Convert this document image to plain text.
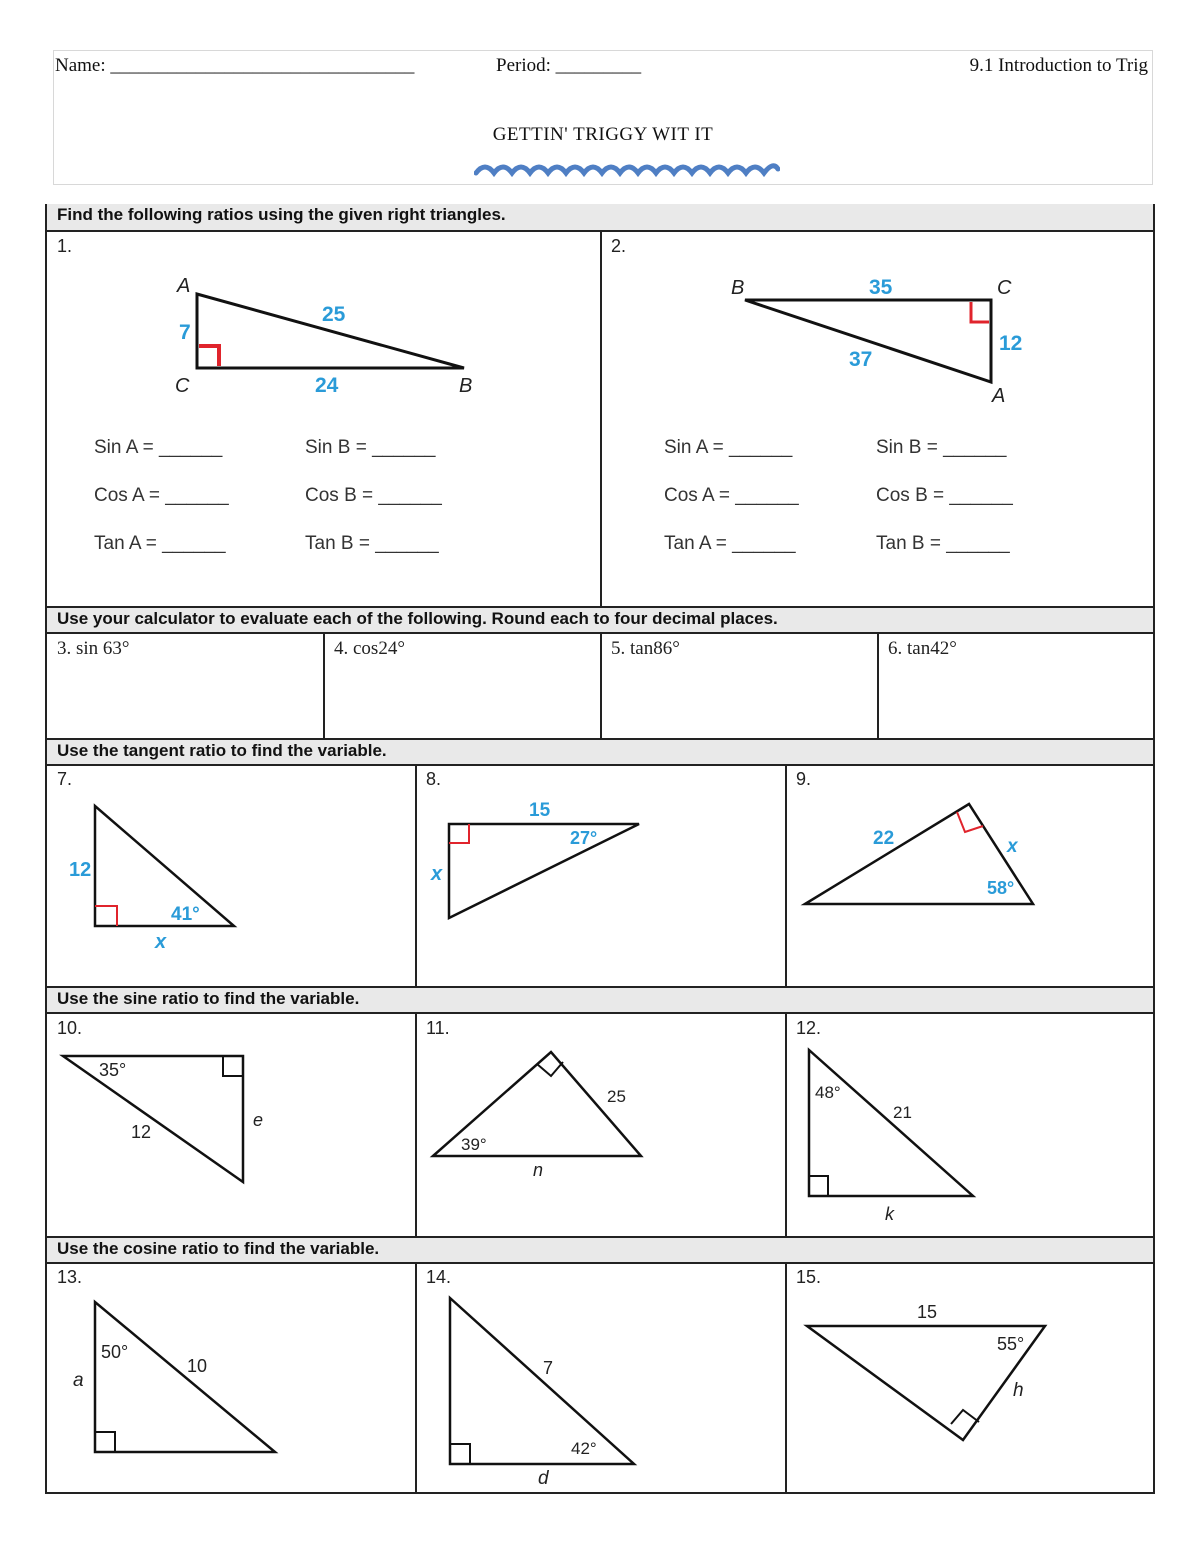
Name: ________________________________	Period: _________	9.1 Introduction to Trig
GETTIN' TRIGGY WIT IT
Find the following ratios using the given right triangles.
1.	2.
A
C	B
7
24
25
B	C
A
35
12
37
Sin A = ______	Sin B = ______
Cos A = ______	Cos B = ______
Tan A = ______	Tan B = ______
Sin A = ______	Sin B = ______
Cos A = ______	Cos B = ______
Tan A = ______	Tan B = ______
Use your calculator to evaluate each of the following. Round each to four decimal places.
3. sin 63°	4. cos24°	5. tan86°	6. tan42°
Use the tangent ratio to find the variable.
7.	8.	9.
12
41°
x
15
27°
x
22	x
58°
Use the sine ratio to find the variable.
10.	11.	12.
35°
12
e
25
39°
n
48°
21
k
Use the cosine ratio to find the variable.
13.	14.	15.
50°
10
a
7
42°
d
15
55°
h
